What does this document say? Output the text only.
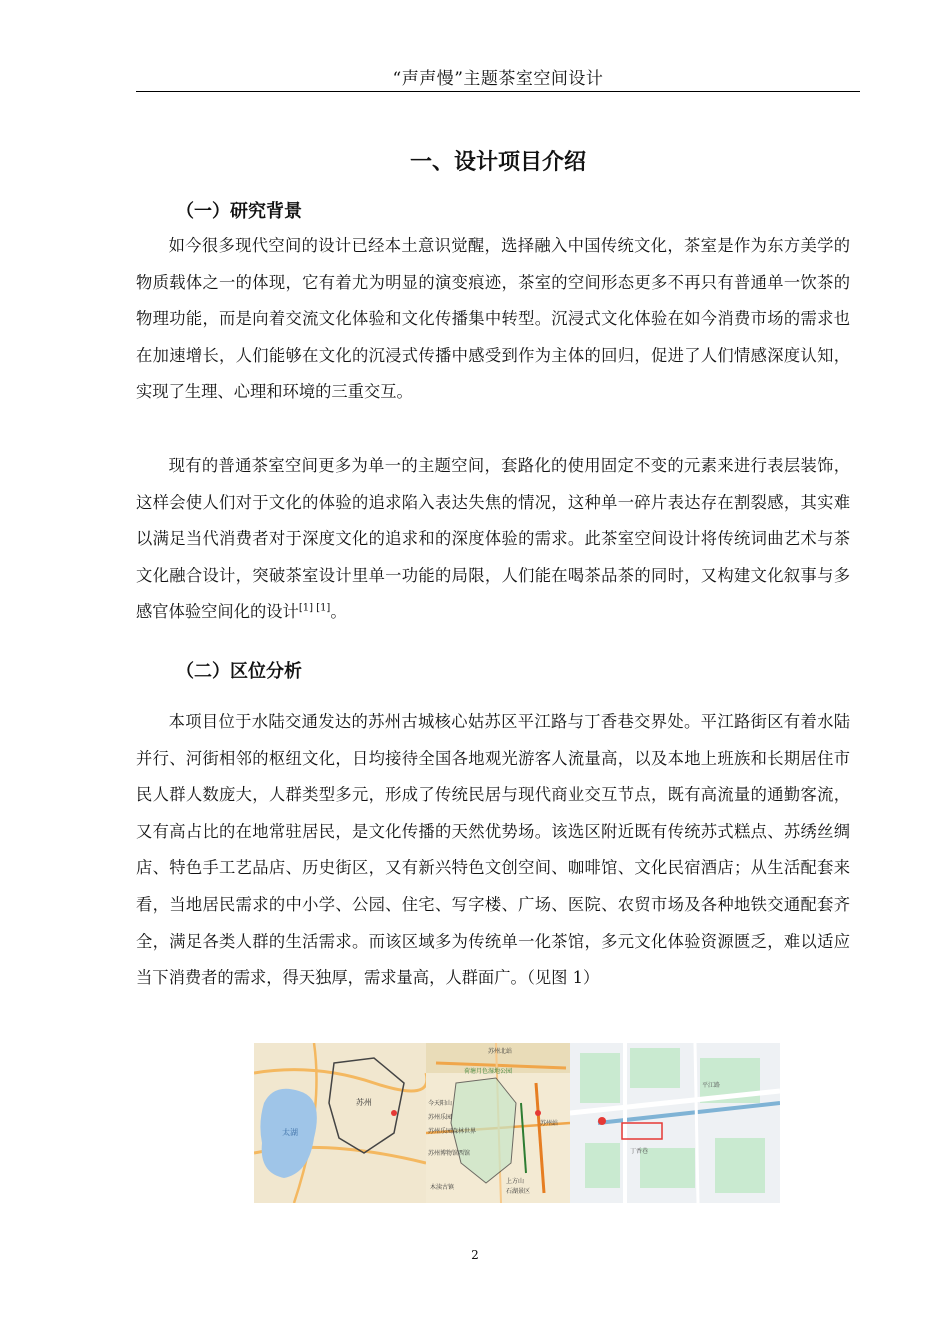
“声声慢”主题茶室空间设计
一、设计项目介绍
（一）研究背景

如今很多现代空间的设计已经本土意识觉醒，选择融入中国传统文化，茶室是作为东方美学的物质载体之一的体现，它有着尤为明显的演变痕迹，茶室的空间形态更多不再只有普通单一饮茶的物理功能，而是向着交流文化体验和文化传播集中转型。沉浸式文化体验在如今消费市场的需求也在加速增长，人们能够在文化的沉浸式传播中感受到作为主体的回归，促进了人们情感深度认知，实现了生理、心理和环境的三重交互。

现有的普通茶室空间更多为单一的主题空间，套路化的使用固定不变的元素来进行表层装饰，这样会使人们对于文化的体验的追求陷入表达失焦的情况，这种单一碎片表达存在割裂感，其实难以满足当代消费者对于深度文化的追求和的深度体验的需求。此茶室空间设计将传统词曲艺术与茶文化融合设计，突破茶室设计里单一功能的局限，人们能在喝茶品茶的同时，又构建文化叙事与多感官体验空间化的设计[1] [1]。

（二）区位分析

本项目位于水陆交通发达的苏州古城核心姑苏区平江路与丁香巷交界处。平江路街区有着水陆并行、河街相邻的枢纽文化，日均接待全国各地观光游客人流量高，以及本地上班族和长期居住市民人群人数庞大，人群类型多元，形成了传统民居与现代商业交互节点，既有高流量的通勤客流，又有高占比的在地常驻居民，是文化传播的天然优势场。该选区附近既有传统苏式糕点、苏绣丝绸店、特色手工艺品店、历史街区，又有新兴特色文创空间、咖啡馆、文化民宿酒店；从生活配套来看，当地居民需求的中小学、公园、住宅、写字楼、广场、医院、农贸市场及各种地铁交通配套齐全，满足各类人群的生活需求。而该区域多为传统单一化茶馆，多元文化体验资源匮乏，难以适应当下消费者的需求，得天独厚，需求量高，人群面广。（见图 1）

太湖
苏州
苏州北站
荷塘月色湿地公园
今天阳山
苏州乐园
苏州乐园森林世界
苏州博物馆西馆
木渎古镇
上方山
石湖景区
苏州站
平江路
丁香巷
2
